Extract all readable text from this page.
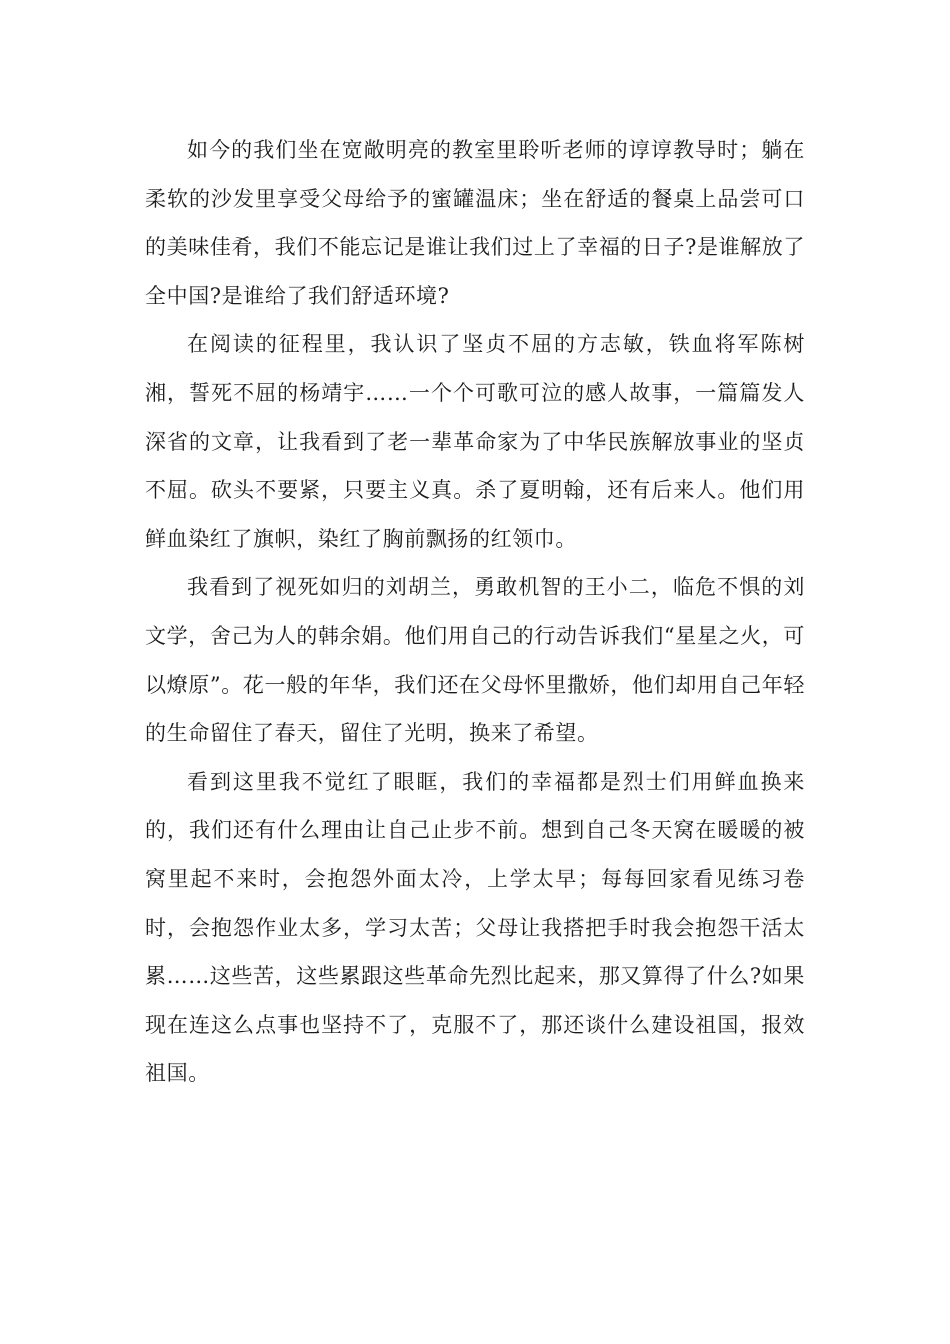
如今的我们坐在宽敞明亮的教室里聆听老师的谆谆教导时；躺在柔软的沙发里享受父母给予的蜜罐温床；坐在舒适的餐桌上品尝可口的美味佳肴，我们不能忘记是谁让我们过上了幸福的日子?是谁解放了全中国?是谁给了我们舒适环境?

在阅读的征程里，我认识了坚贞不屈的方志敏，铁血将军陈树湘，誓死不屈的杨靖宇……一个个可歌可泣的感人故事，一篇篇发人深省的文章，让我看到了老一辈革命家为了中华民族解放事业的坚贞不屈。砍头不要紧，只要主义真。杀了夏明翰，还有后来人。他们用鲜血染红了旗帜，染红了胸前飘扬的红领巾。

我看到了视死如归的刘胡兰，勇敢机智的王小二，临危不惧的刘文学，舍己为人的韩余娟。他们用自己的行动告诉我们“星星之火，可以燎原”。花一般的年华，我们还在父母怀里撒娇，他们却用自己年轻的生命留住了春天，留住了光明，换来了希望。

看到这里我不觉红了眼眶，我们的幸福都是烈士们用鲜血换来的，我们还有什么理由让自己止步不前。想到自己冬天窝在暖暖的被窝里起不来时，会抱怨外面太冷，上学太早；每每回家看见练习卷时，会抱怨作业太多，学习太苦；父母让我搭把手时我会抱怨干活太累……这些苦，这些累跟这些革命先烈比起来，那又算得了什么?如果现在连这么点事也坚持不了，克服不了，那还谈什么建设祖国，报效祖国。
